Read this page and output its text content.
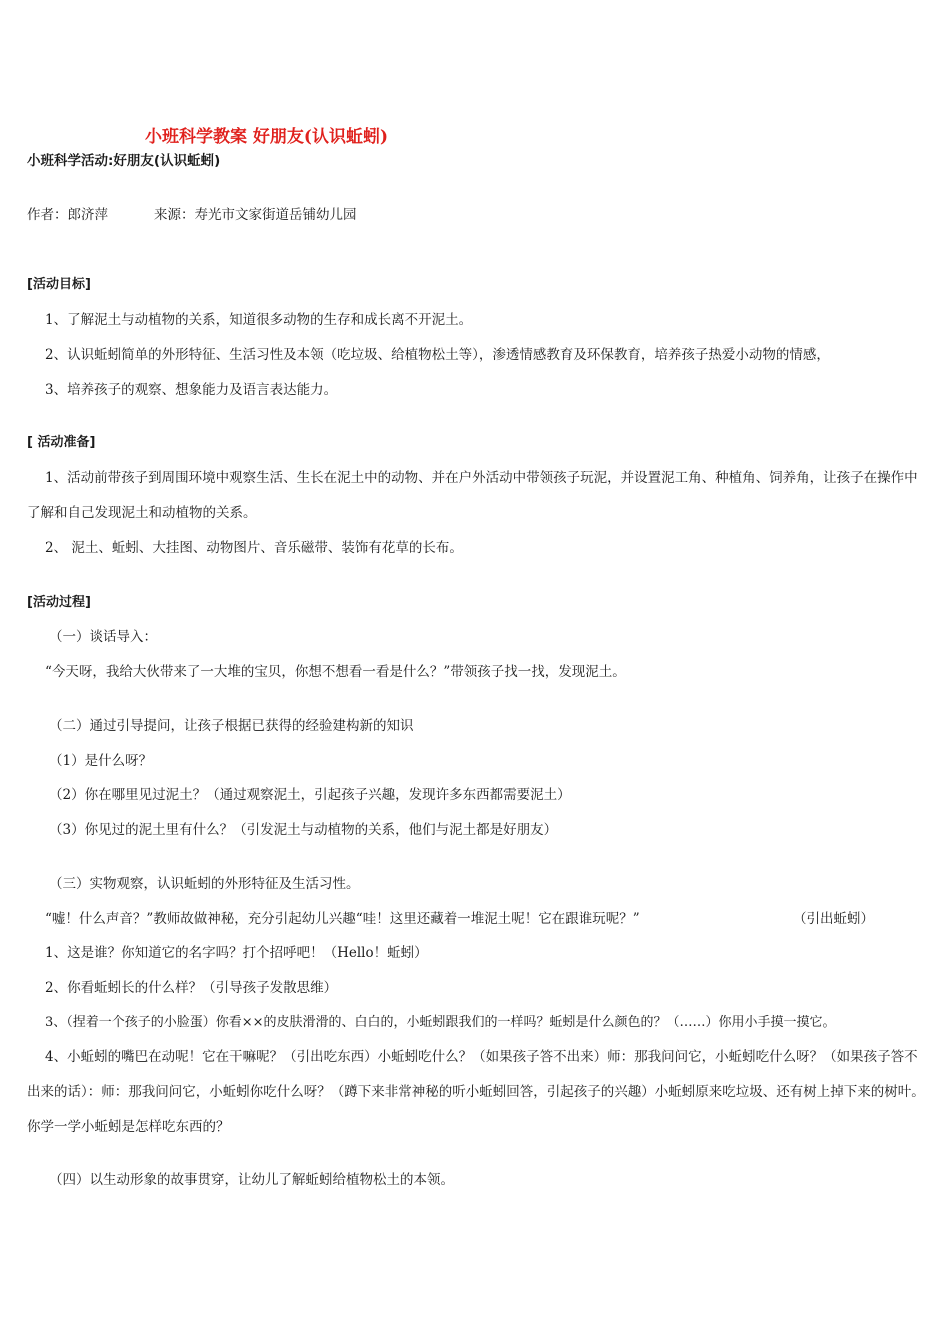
小班科学教案 好朋友(认识蚯蚓)
小班科学活动:好朋友(认识蚯蚓)
作者：郎济萍	来源：寿光市文家街道岳铺幼儿园
[活动目标]
1、了解泥土与动植物的关系，知道很多动物的生存和成长离不开泥土。
2、认识蚯蚓简单的外形特征、生活习性及本领（吃垃圾、给植物松土等），渗透情感教育及环保教育，培养孩子热爱小动物的情感，
3、培养孩子的观察、想象能力及语言表达能力。
[ 活动准备]
1、活动前带孩子到周围环境中观察生活、生长在泥土中的动物、并在户外活动中带领孩子玩泥，并设置泥工角、种植角、饲养角，让孩子在操作中了解和自己发现泥土和动植物的关系。
2、 泥土、蚯蚓、大挂图、动物图片、音乐磁带、装饰有花草的长布。
[活动过程]
（一）谈话导入：
“今天呀，我给大伙带来了一大堆的宝贝，你想不想看一看是什么？”带领孩子找一找，发现泥土。
（二）通过引导提问，让孩子根据已获得的经验建构新的知识
（1）是什么呀？
（2）你在哪里见过泥土？（通过观察泥土，引起孩子兴趣，发现许多东西都需要泥土）
（3）你见过的泥土里有什么？（引发泥土与动植物的关系，他们与泥土都是好朋友）
（三）实物观察，认识蚯蚓的外形特征及生活习性。
“嘘！什么声音？”教师故做神秘，充分引起幼儿兴趣“哇！这里还藏着一堆泥土呢！它在跟谁玩呢？”	（引出蚯蚓）
1、这是谁？你知道它的名字吗？打个招呼吧！（Hello！蚯蚓）
2、你看蚯蚓长的什么样？（引导孩子发散思维）
3、（捏着一个孩子的小脸蛋）你看××的皮肤滑滑的、白白的，小蚯蚓跟我们的一样吗？蚯蚓是什么颜色的？（……）你用小手摸一摸它。
4、小蚯蚓的嘴巴在动呢！它在干嘛呢？（引出吃东西）小蚯蚓吃什么？（如果孩子答不出来）师：那我问问它，小蚯蚓吃什么呀？（如果孩子答不出来的话）：师：那我问问它，小蚯蚓你吃什么呀？（蹲下来非常神秘的听小蚯蚓回答，引起孩子的兴趣）小蚯蚓原来吃垃圾、还有树上掉下来的树叶。你学一学小蚯蚓是怎样吃东西的？
（四）以生动形象的故事贯穿，让幼儿了解蚯蚓给植物松土的本领。
